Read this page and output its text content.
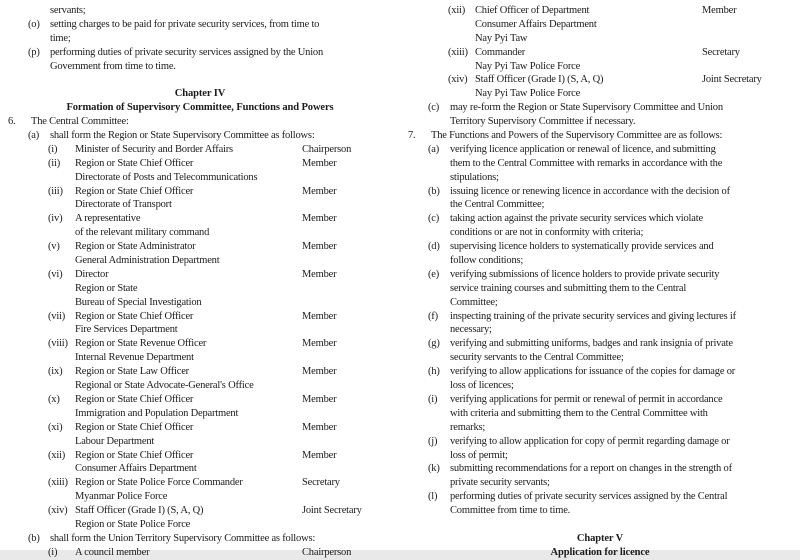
servants;
(o) setting charges to be paid for private security services, from time to
time;
(p) performing duties of private security services assigned by the Union
Government from time to time.
Chapter IV
Formation of Supervisory Committee, Functions and Powers
6. The Central Committee:
(a) shall form the Region or State Supervisory Committee as follows:
(i) Minister of Security and Border Affairs	Chairperson
(ii) Region or State Chief Officer	Member
Directorate of Posts and Telecommunications
(iii) Region or State Chief Officer	Member
Directorate of Transport
(iv) A representative	Member
of the relevant military command
(v) Region or State Administrator	Member
General Administration Department
(vi) Director	Member
Region or State
Bureau of Special Investigation
(vii) Region or State Chief Officer	Member
Fire Services Department
(viii) Region or State Revenue Officer	Member
Internal Revenue Department
(ix) Region or State Law Officer	Member
Regional or State Advocate-General's Office
(x) Region or State Chief Officer	Member
Immigration and Population Department
(xi) Region or State Chief Officer	Member
Labour Department
(xii) Region or State Chief Officer	Member
Consumer Affairs Department
(xiii) Region or State Police Force Commander	Secretary
Myanmar Police Force
(xiv) Staff Officer (Grade I) (S, A, Q)	Joint Secretary
Region or State Police Force
(b) shall form the Union Territory Supervisory Committee as follows:
(i) A council member	Chairperson
(xii) Chief Officer of Department	Member
Consumer Affairs Department
Nay Pyi Taw
(xiii) Commander	Secretary
Nay Pyi Taw Police Force
(xiv) Staff Officer (Grade I) (S, A, Q)	Joint Secretary
Nay Pyi Taw Police Force
(c) may re-form the Region or State Supervisory Committee and Union
Territory Supervisory Committee if necessary.
7. The Functions and Powers of the Supervisory Committee are as follows:
(a) verifying licence application or renewal of licence, and submitting
them to the Central Committee with remarks in accordance with the
stipulations;
(b) issuing licence or renewing licence in accordance with the decision of
the Central Committee;
(c) taking action against the private security services which violate
conditions or are not in conformity with criteria;
(d) supervising licence holders to systematically provide services and
follow conditions;
(e) verifying submissions of licence holders to provide private security
service training courses and submitting them to the Central
Committee;
(f) inspecting training of the private security services and giving lectures if
necessary;
(g) verifying and submitting uniforms, badges and rank insignia of private
security servants to the Central Committee;
(h) verifying to allow applications for issuance of the copies for damage or
loss of licences;
(i) verifying applications for permit or renewal of permit in accordance
with criteria and submitting them to the Central Committee with
remarks;
(j) verifying to allow application for copy of permit regarding damage or
loss of permit;
(k) submitting recommendations for a report on changes in the strength of
private security servants;
(l) performing duties of private security services assigned by the Central
Committee from time to time.
Chapter V
Application for licence
